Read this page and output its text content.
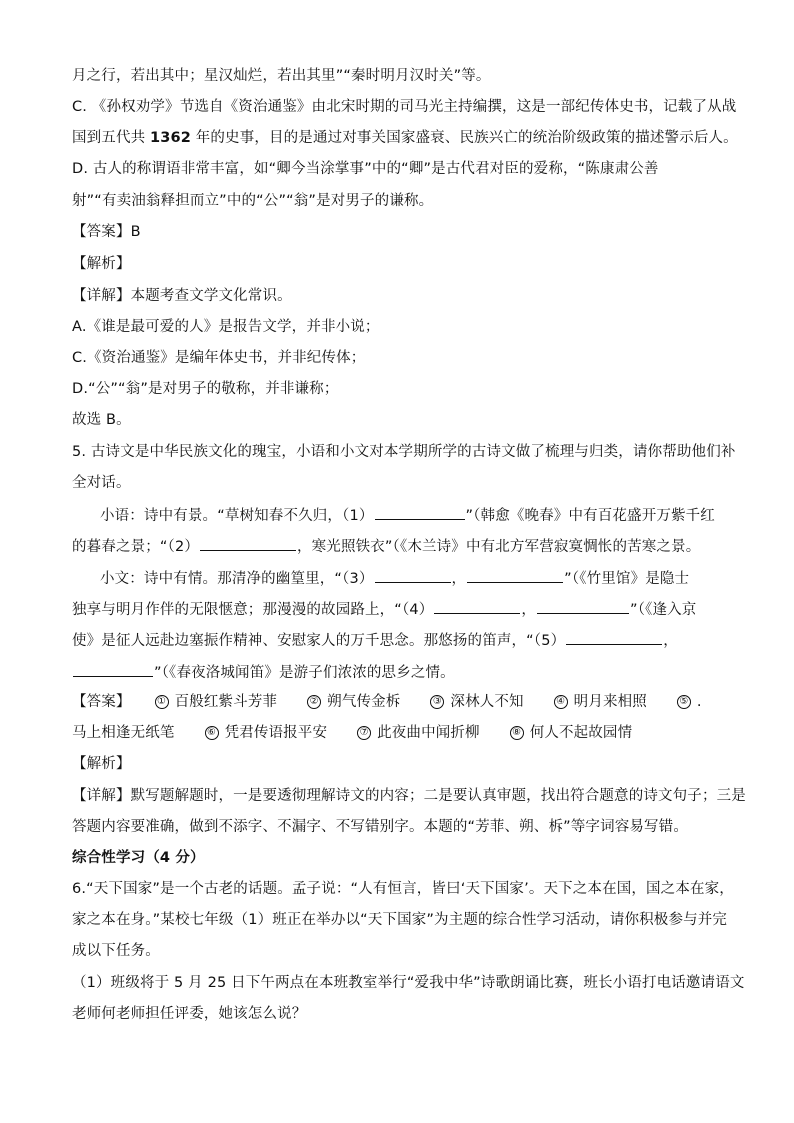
月之行，若出其中；星汉灿烂，若出其里”“秦时明月汉时关”等。
C. 《孙权劝学》节选自《资治通鉴》由北宋时期的司马光主持编撰，这是一部纪传体史书，记载了从战
国到五代共 1362 年的史事，目的是通过对事关国家盛衰、民族兴亡的统治阶级政策的描述警示后人。
D. 古人的称谓语非常丰富，如“卿今当涂掌事”中的“卿”是古代君对臣的爱称，“陈康肃公善
射”“有卖油翁释担而立”中的“公”“翁”是对男子的谦称。
【答案】B
【解析】
【详解】本题考查文学文化常识。
A.《谁是最可爱的人》是报告文学，并非小说；
C.《资治通鉴》是编年体史书，并非纪传体；
D.“公”“翁”是对男子的敬称，并非谦称；
故选 B。
5. 古诗文是中华民族文化的瑰宝，小语和小文对本学期所学的古诗文做了梳理与归类，请你帮助他们补
全对话。
小语：诗中有景。“草树知春不久归，（1）	”（韩愈《晚春》中有百花盛开万紫千红
的暮春之景；“（2）	，寒光照铁衣”（《木兰诗》中有北方军营寂寞惆怅的苦寒之景。
小文：诗中有情。那清净的幽篁里，“（3）	，	”（《竹里馆》是隐士
独享与明月作伴的无限惬意；那漫漫的故园路上，“（4）	，	”（《逢入京
使》是征人远赴边塞振作精神、安慰家人的万千思念。那悠扬的笛声，“（5）	，
”（《春夜洛城闻笛》是游子们浓浓的思乡之情。
【答案】	① 百般红紫斗芳菲	② 朔气传金柝	③ 深林人不知	④ 明月来相照	⑤ .
马上相逢无纸笔	⑥ 凭君传语报平安	⑦ 此夜曲中闻折柳	⑧ 何人不起故园情
【解析】
【详解】默写题解题时，一是要透彻理解诗文的内容；二是要认真审题，找出符合题意的诗文句子；三是
答题内容要准确，做到不添字、不漏字、不写错别字。本题的“芳菲、朔、柝”等字词容易写错。
综合性学习（4 分）
6.“天下国家”是一个古老的话题。孟子说：“人有恒言，皆曰‘天下国家’。天下之本在国，国之本在家，
家之本在身。”某校七年级（1）班正在举办以“天下国家”为主题的综合性学习活动，请你积极参与并完
成以下任务。
（1）班级将于 5 月 25 日下午两点在本班教室举行“爱我中华”诗歌朗诵比赛，班长小语打电话邀请语文
老师何老师担任评委，她该怎么说？
